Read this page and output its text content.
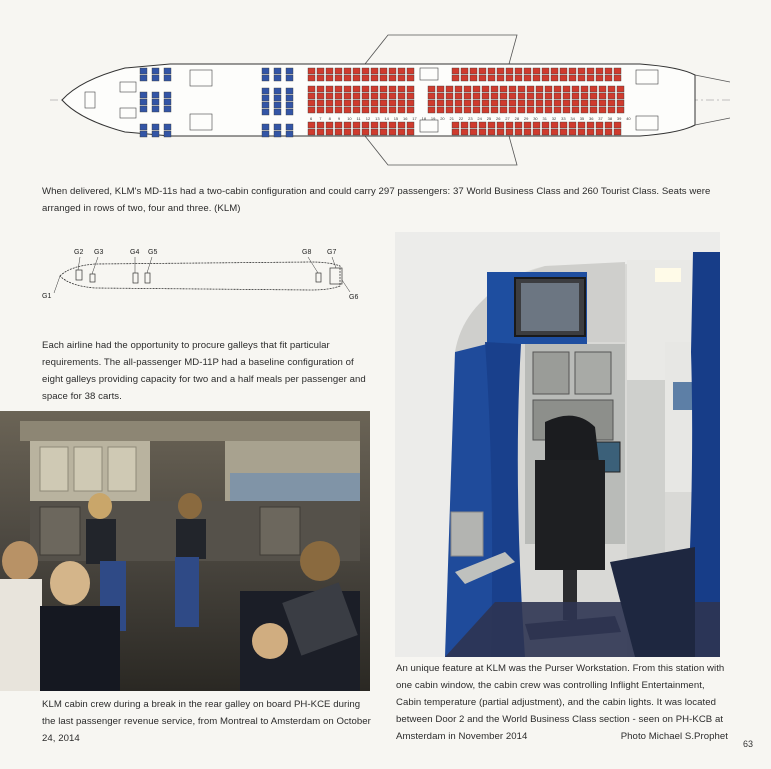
6 7 8 9 10 11 12 13 14 15 16 17 18 19 20 21 22 23 24 25 26 27 28 29 30 31 32 33 34 35 36 37 38 39 40
When delivered, KLM's MD-11s had a two-cabin configuration and could carry 297 passengers: 37 World Business Class and 260 Tourist Class. Seats were arranged in rows of two, four and three. (KLM)
G2 G3	G4 G5	G8 G7
G1	G6
Each airline had the opportunity to procure galleys that fit particular requirements. The all-passenger MD-11P had a baseline configuration of eight galleys providing capacity for two and a half meals per passenger and space for 38 carts.
KLM cabin crew during a break in the rear galley on board PH-KCE during the last passenger revenue service, from Montreal to Amsterdam on October 24, 2014
An unique feature at KLM was the Purser Workstation. From this station with one cabin window, the cabin crew was controlling Inflight Entertainment, Cabin temperature (partial adjustment), and the cabin lights. It was located between Door 2 and the World Business Class section - seen on PH-KCB at Amsterdam in November 2014	Photo Michael S.Prophet
63
